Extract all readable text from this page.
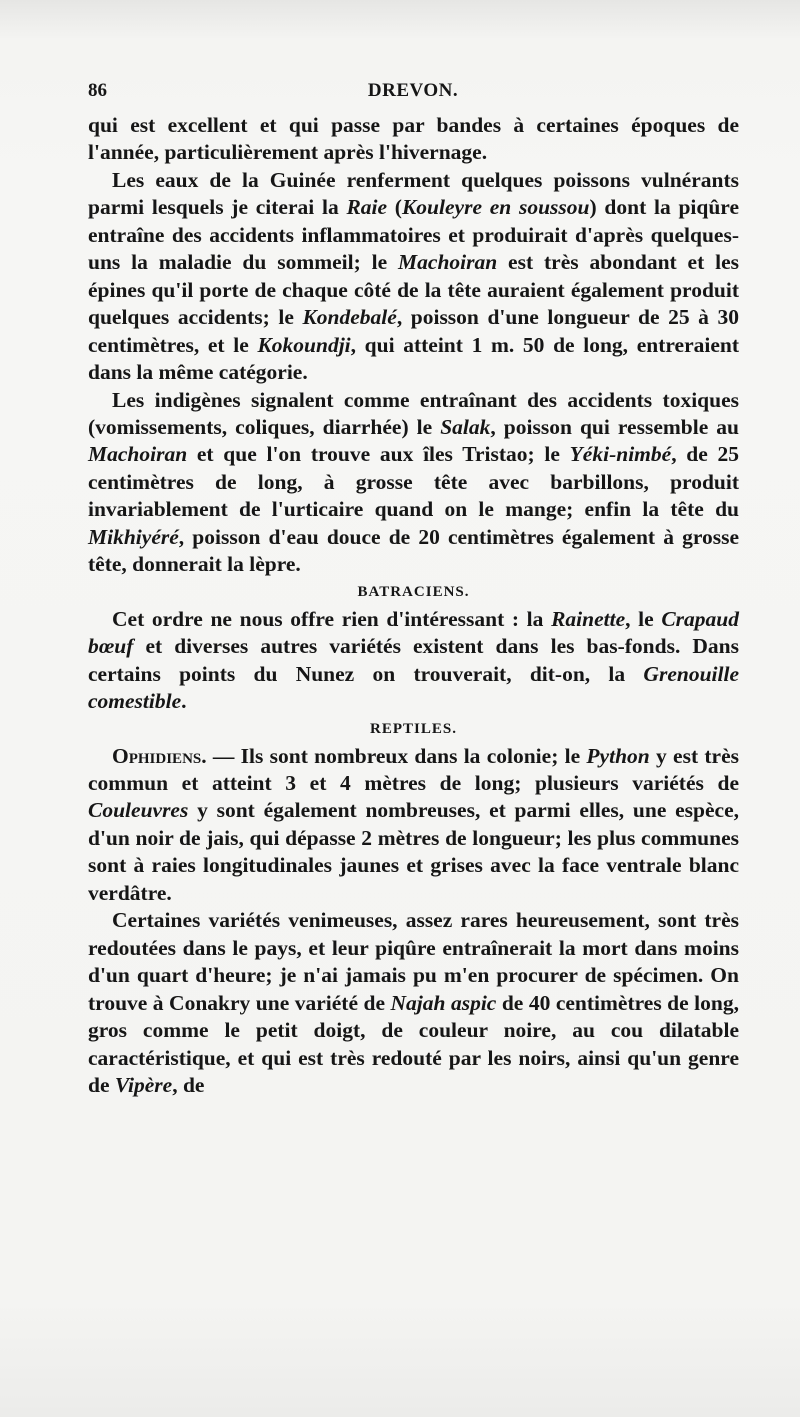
86	DREVON.

qui est excellent et qui passe par bandes à certaines époques de l'année, particulièrement après l'hivernage.

Les eaux de la Guinée renferment quelques poissons vulnérants parmi lesquels je citerai la Raie (Kouleyre en soussou) dont la piqûre entraîne des accidents inflammatoires et produirait d'après quelques-uns la maladie du sommeil; le Machoiran est très abondant et les épines qu'il porte de chaque côté de la tête auraient également produit quelques accidents; le Kondebalé, poisson d'une longueur de 25 à 30 centimètres, et le Kokoundji, qui atteint 1 m. 50 de long, entreraient dans la même catégorie.

Les indigènes signalent comme entraînant des accidents toxiques (vomissements, coliques, diarrhée) le Salak, poisson qui ressemble au Machoiran et que l'on trouve aux îles Tristao; le Yéki-nimbé, de 25 centimètres de long, à grosse tête avec barbillons, produit invariablement de l'urticaire quand on le mange; enfin la tête du Mikhiyéré, poisson d'eau douce de 20 centimètres également à grosse tête, donnerait la lèpre.

BATRACIENS.

Cet ordre ne nous offre rien d'intéressant : la Rainette, le Crapaud bœuf et diverses autres variétés existent dans les bas-fonds. Dans certains points du Nunez on trouverait, dit-on, la Grenouille comestible.

REPTILES.

Ophidiens. — Ils sont nombreux dans la colonie; le Python y est très commun et atteint 3 et 4 mètres de long; plusieurs variétés de Couleuvres y sont également nombreuses, et parmi elles, une espèce, d'un noir de jais, qui dépasse 2 mètres de longueur; les plus communes sont à raies longitudinales jaunes et grises avec la face ventrale blanc verdâtre.

Certaines variétés venimeuses, assez rares heureusement, sont très redoutées dans le pays, et leur piqûre entraînerait la mort dans moins d'un quart d'heure; je n'ai jamais pu m'en procurer de spécimen. On trouve à Conakry une variété de Najah aspic de 40 centimètres de long, gros comme le petit doigt, de couleur noire, au cou dilatable caractéristique, et qui est très redouté par les noirs, ainsi qu'un genre de Vipère, de
